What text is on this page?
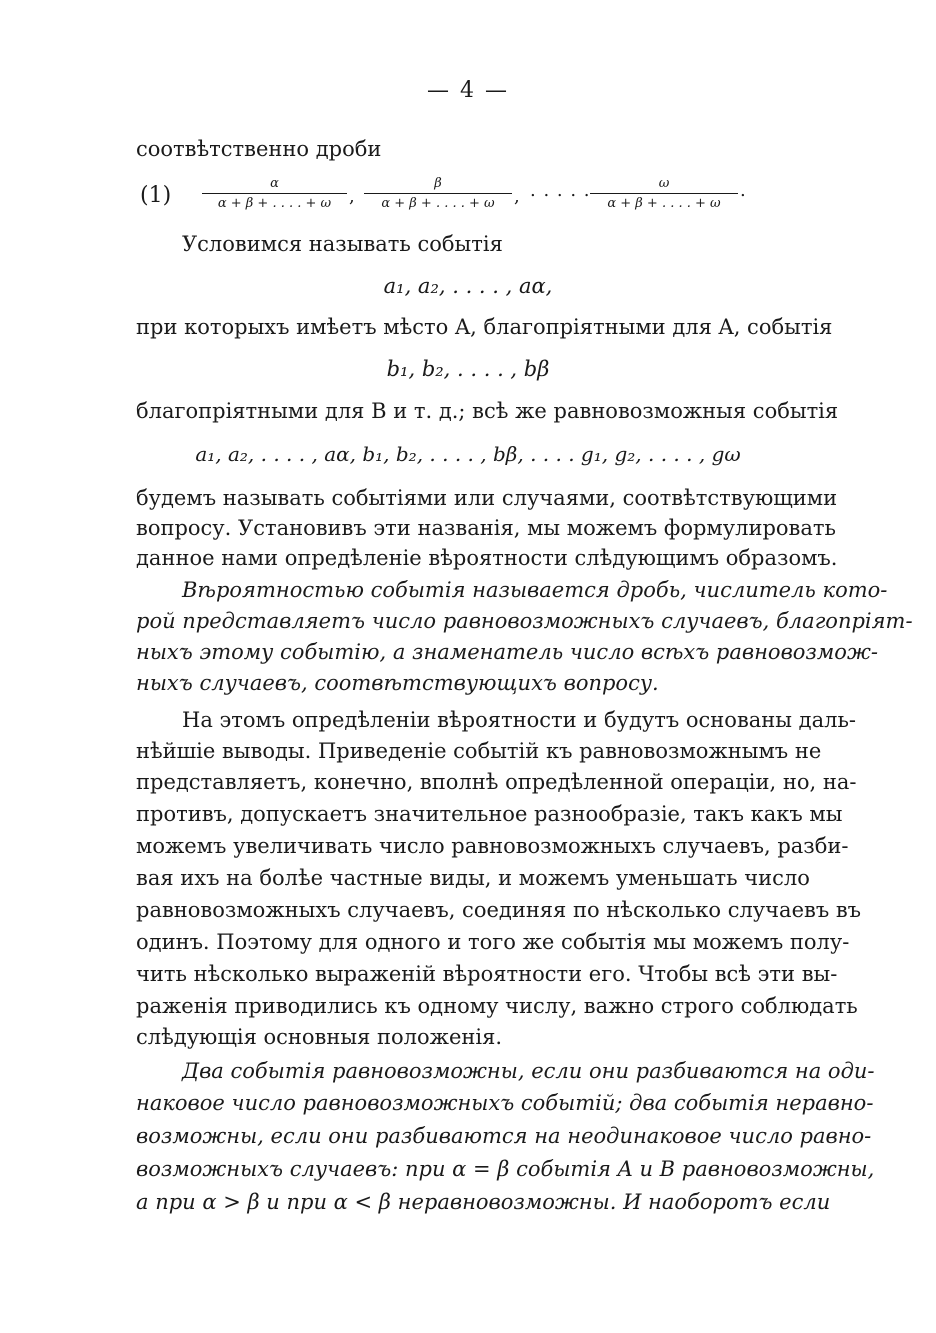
— 4 —
соотвѣтственно дроби
(1)	α
α + β + . . . . + ω ,
β
α + β + . . . . + ω , . . . . .	ω
α + β + . . . . + ω
.
Условимся называть событія
a₁, a₂, . . . . , aα,
при которыхъ имѣетъ мѣсто A, благопріятными для A, событія
b₁, b₂, . . . . , bβ
благопріятными для B и т. д.; всѣ же равновозможныя событія
a₁, a₂, . . . . , aα, b₁, b₂, . . . . , bβ, . . . . g₁, g₂, . . . . , gω
будемъ называть событіями или случаями, соотвѣтствующими
вопросу. Установивъ эти названія, мы можемъ формулировать
данное нами опредѣленіе вѣроятности слѣдующимъ образомъ.
Вѣроятностью событія называется дробь, числитель кото-
рой представляетъ число равновозможныхъ случаевъ, благопріят-
ныхъ этому событію, а знаменатель число всѣхъ равновозмож-
ныхъ случаевъ, соотвѣтствующихъ вопросу.
На этомъ опредѣленіи вѣроятности и будутъ основаны даль-
нѣйшіе выводы. Приведеніе событій къ равновозможнымъ не
представляетъ, конечно, вполнѣ опредѣленной операціи, но, на-
противъ, допускаетъ значительное разнообразіе, такъ какъ мы
можемъ увеличивать число равновозможныхъ случаевъ, разби-
вая ихъ на болѣе частные виды, и можемъ уменьшать число
равновозможныхъ случаевъ, соединяя по нѣсколько случаевъ въ
одинъ. Поэтому для одного и того же событія мы можемъ полу-
чить нѣсколько выраженій вѣроятности его. Чтобы всѣ эти вы-
раженія приводились къ одному числу, важно строго соблюдать
слѣдующія основныя положенія.
Два событія равновозможны, если они разбиваются на оди-
наковое число равновозможныхъ событій; два событія неравно-
возможны, если они разбиваются на неодинаковое число равно-
возможныхъ случаевъ: при α = β событія A и B равновозможны,
а при α > β и при α < β неравновозможны. И наоборотъ если
